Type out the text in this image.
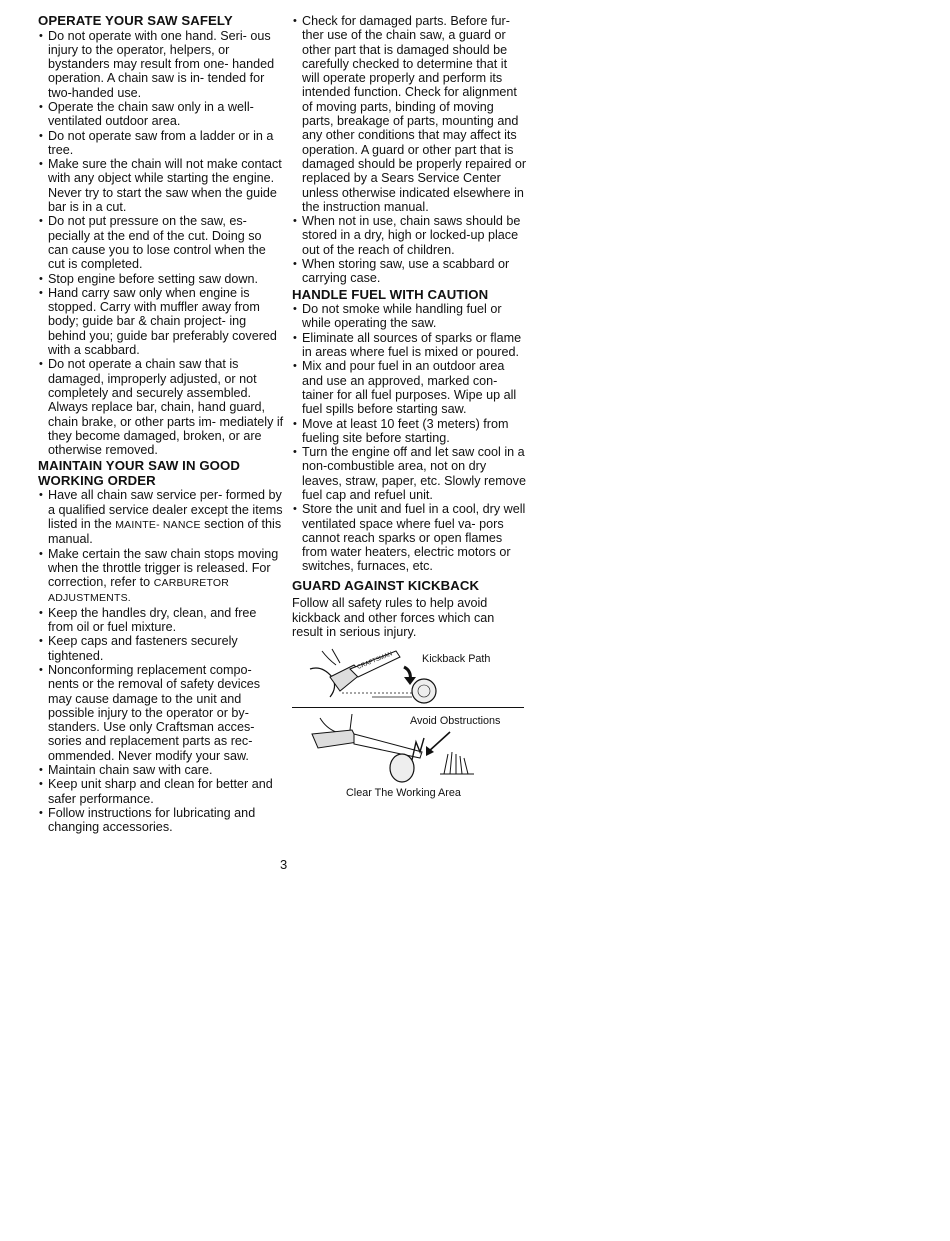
OPERATE YOUR SAW SAFELY
• Do not operate with one hand. Seri- ous injury to the operator, helpers, or bystanders may result from one- handed operation. A chain saw is in- tended for two-handed use.
• Operate the chain saw only in a well- ventilated outdoor area.
• Do not operate saw from a ladder or in a tree.
• Make sure the chain will not make contact with any object while starting the engine. Never try to start the saw when the guide bar is in a cut.
• Do not put pressure on the saw, es- pecially at the end of the cut. Doing so can cause you to lose control when the cut is completed.
• Stop engine before setting saw down.
• Hand carry saw only when engine is stopped. Carry with muffler away from body; guide bar & chain project- ing behind you; guide bar preferably covered with a scabbard.
• Do not operate a chain saw that is damaged, improperly adjusted, or not completely and securely assembled. Always replace bar, chain, hand guard, chain brake, or other parts im- mediately if they become damaged, broken, or are otherwise removed.
MAINTAIN YOUR SAW IN GOOD WORKING ORDER
• Have all chain saw service per- formed by a qualified service dealer except the items listed in the MAINTE- NANCE section of this manual.
• Make certain the saw chain stops moving when the throttle trigger is released. For correction, refer to CARBURETOR ADJUSTMENTS.
• Keep the handles dry, clean, and free from oil or fuel mixture.
• Keep caps and fasteners securely tightened.
• Nonconforming replacement compo- nents or the removal of safety devices may cause damage to the unit and possible injury to the operator or by- standers. Use only Craftsman acces- sories and replacement parts as rec- ommended. Never modify your saw.
• Maintain chain saw with care.
• Keep unit sharp and clean for better and safer performance.
• Follow instructions for lubricating and changing accessories.
• Check for damaged parts. Before fur- ther use of the chain saw, a guard or other part that is damaged should be carefully checked to determine that it will operate properly and perform its intended function. Check for alignment of moving parts, binding of moving parts, breakage of parts, mounting and any other conditions that may affect its operation. A guard or other part that is damaged should be properly repaired or replaced by a Sears Service Center unless otherwise indicated elsewhere in the instruction manual.
• When not in use, chain saws should be stored in a dry, high or locked-up place out of the reach of children.
• When storing saw, use a scabbard or carrying case.
HANDLE FUEL WITH CAUTION
• Do not smoke while handling fuel or while operating the saw.
• Eliminate all sources of sparks or flame in areas where fuel is mixed or poured.
• Mix and pour fuel in an outdoor area and use an approved, marked con- tainer for all fuel purposes. Wipe up all fuel spills before starting saw.
• Move at least 10 feet (3 meters) from fueling site before starting.
• Turn the engine off and let saw cool in a non-combustible area, not on dry leaves, straw, paper, etc. Slowly remove fuel cap and refuel unit.
• Store the unit and fuel in a cool, dry well ventilated space where fuel va- pors cannot reach sparks or open flames from water heaters, electric motors or switches, furnaces, etc.
GUARD AGAINST KICKBACK

Follow all safety rules to help avoid kickback and other forces which can result in serious injury.

CRAFTSMAN	Kickback Path
Avoid Obstructions
Clear The Working Area
3
